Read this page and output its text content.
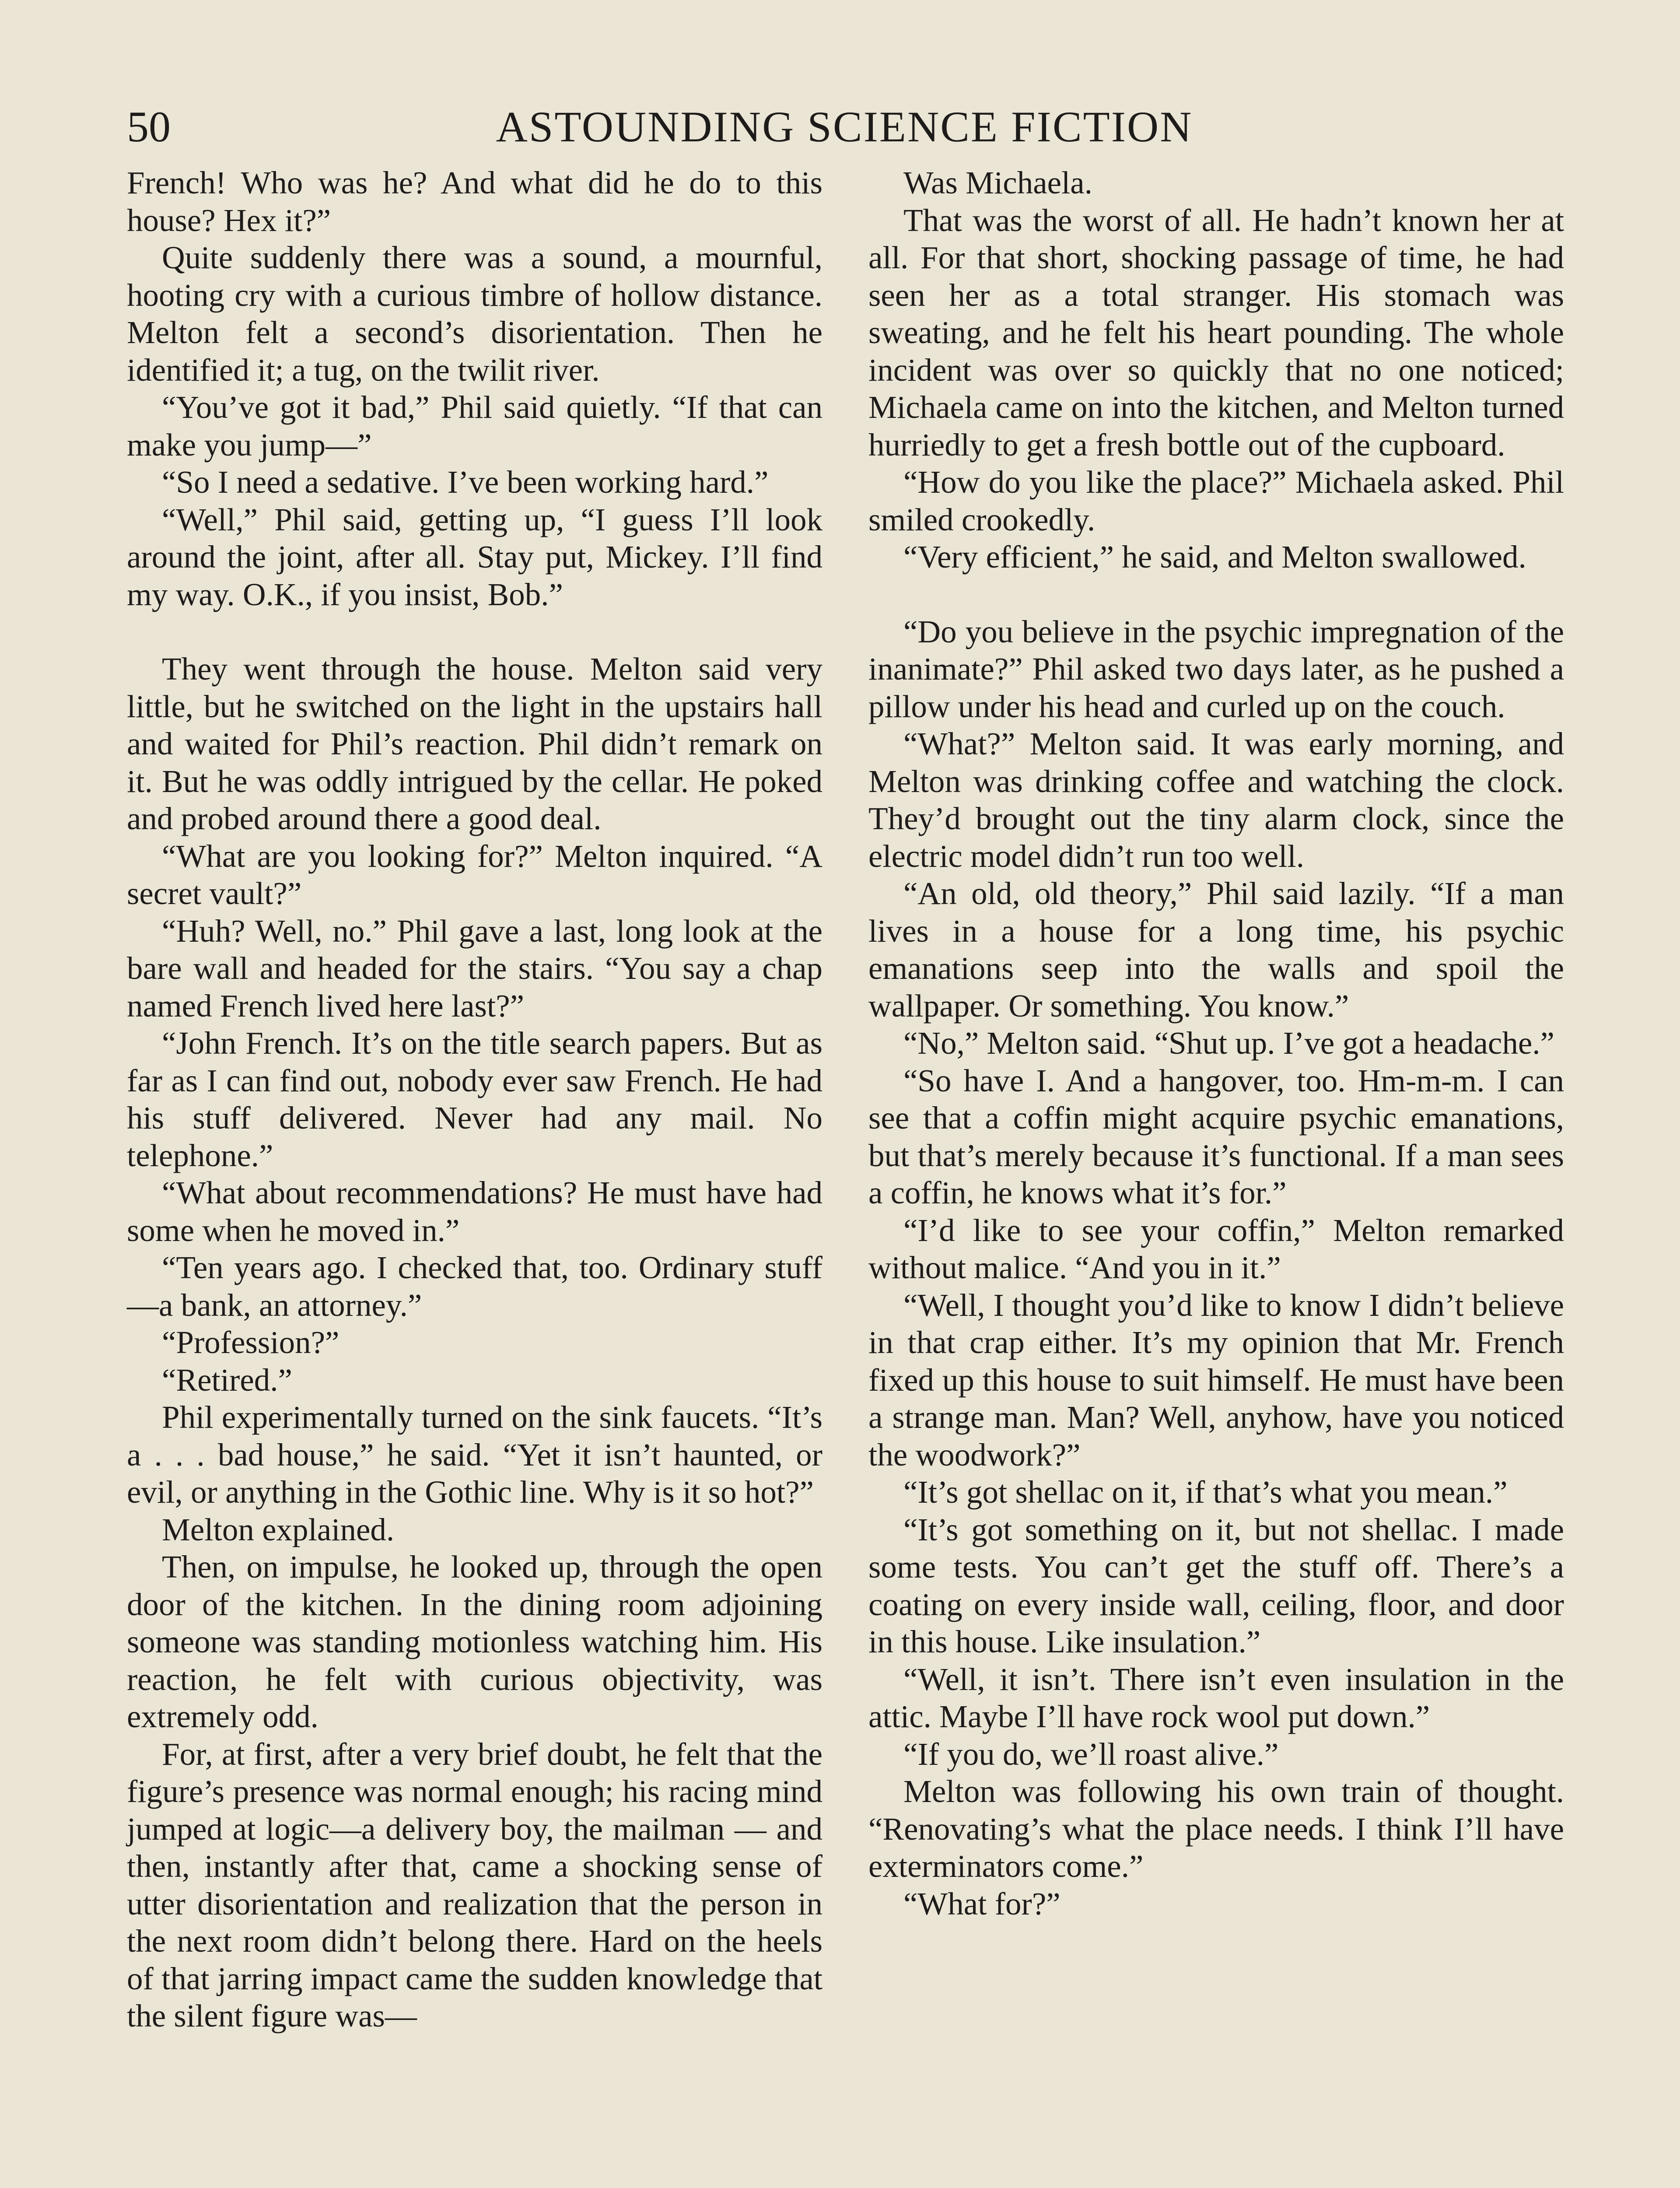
50	ASTOUNDING SCIENCE FICTION

French! Who was he? And what did he do to this house? Hex it?”

Quite suddenly there was a sound, a mournful, hooting cry with a curious timbre of hollow distance. Melton felt a second’s disorientation. Then he identified it; a tug, on the twilit river.

“You’ve got it bad,” Phil said quietly. “If that can make you jump—”

“So I need a sedative. I’ve been working hard.”

“Well,” Phil said, getting up, “I guess I’ll look around the joint, after all. Stay put, Mickey. I’ll find my way. O.K., if you insist, Bob.”

They went through the house. Melton said very little, but he switched on the light in the upstairs hall and waited for Phil’s reaction. Phil didn’t remark on it. But he was oddly intrigued by the cellar. He poked and probed around there a good deal.

“What are you looking for?” Melton inquired. “A secret vault?”

“Huh? Well, no.” Phil gave a last, long look at the bare wall and headed for the stairs. “You say a chap named French lived here last?”

“John French. It’s on the title search papers. But as far as I can find out, nobody ever saw French. He had his stuff delivered. Never had any mail. No telephone.”

“What about recommendations? He must have had some when he moved in.”

“Ten years ago. I checked that, too. Ordinary stuff—a bank, an attorney.”

“Profession?”

“Retired.”

Phil experimentally turned on the sink faucets. “It’s a . . . bad house,” he said. “Yet it isn’t haunted, or evil, or anything in the Gothic line. Why is it so hot?”

Melton explained.

Then, on impulse, he looked up, through the open door of the kitchen. In the dining room adjoining someone was standing motionless watching him. His reaction, he felt with curious objectivity, was extremely odd.

For, at first, after a very brief doubt, he felt that the figure’s presence was normal enough; his racing mind jumped at logic—a delivery boy, the mailman — and then, instantly after that, came a shocking sense of utter disorientation and realization that the person in the next room didn’t belong there. Hard on the heels of that jarring impact came the sudden knowledge that the silent figure was—

Was Michaela.

That was the worst of all. He hadn’t known her at all. For that short, shocking passage of time, he had seen her as a total stranger. His stomach was sweating, and he felt his heart pounding. The whole incident was over so quickly that no one noticed; Michaela came on into the kitchen, and Melton turned hurriedly to get a fresh bottle out of the cupboard.

“How do you like the place?” Michaela asked. Phil smiled crookedly.

“Very efficient,” he said, and Melton swallowed.

“Do you believe in the psychic impregnation of the inanimate?” Phil asked two days later, as he pushed a pillow under his head and curled up on the couch.

“What?” Melton said. It was early morning, and Melton was drinking coffee and watching the clock. They’d brought out the tiny alarm clock, since the electric model didn’t run too well.

“An old, old theory,” Phil said lazily. “If a man lives in a house for a long time, his psychic emanations seep into the walls and spoil the wallpaper. Or something. You know.”

“No,” Melton said. “Shut up. I’ve got a headache.”

“So have I. And a hangover, too. Hm-m-m. I can see that a coffin might acquire psychic emanations, but that’s merely because it’s functional. If a man sees a coffin, he knows what it’s for.”

“I’d like to see your coffin,” Melton remarked without malice. “And you in it.”

“Well, I thought you’d like to know I didn’t believe in that crap either. It’s my opinion that Mr. French fixed up this house to suit himself. He must have been a strange man. Man? Well, anyhow, have you noticed the woodwork?”

“It’s got shellac on it, if that’s what you mean.”

“It’s got something on it, but not shellac. I made some tests. You can’t get the stuff off. There’s a coating on every inside wall, ceiling, floor, and door in this house. Like insulation.”

“Well, it isn’t. There isn’t even insulation in the attic. Maybe I’ll have rock wool put down.”

“If you do, we’ll roast alive.”

Melton was following his own train of thought. “Renovating’s what the place needs. I think I’ll have exterminators come.”

“What for?”
